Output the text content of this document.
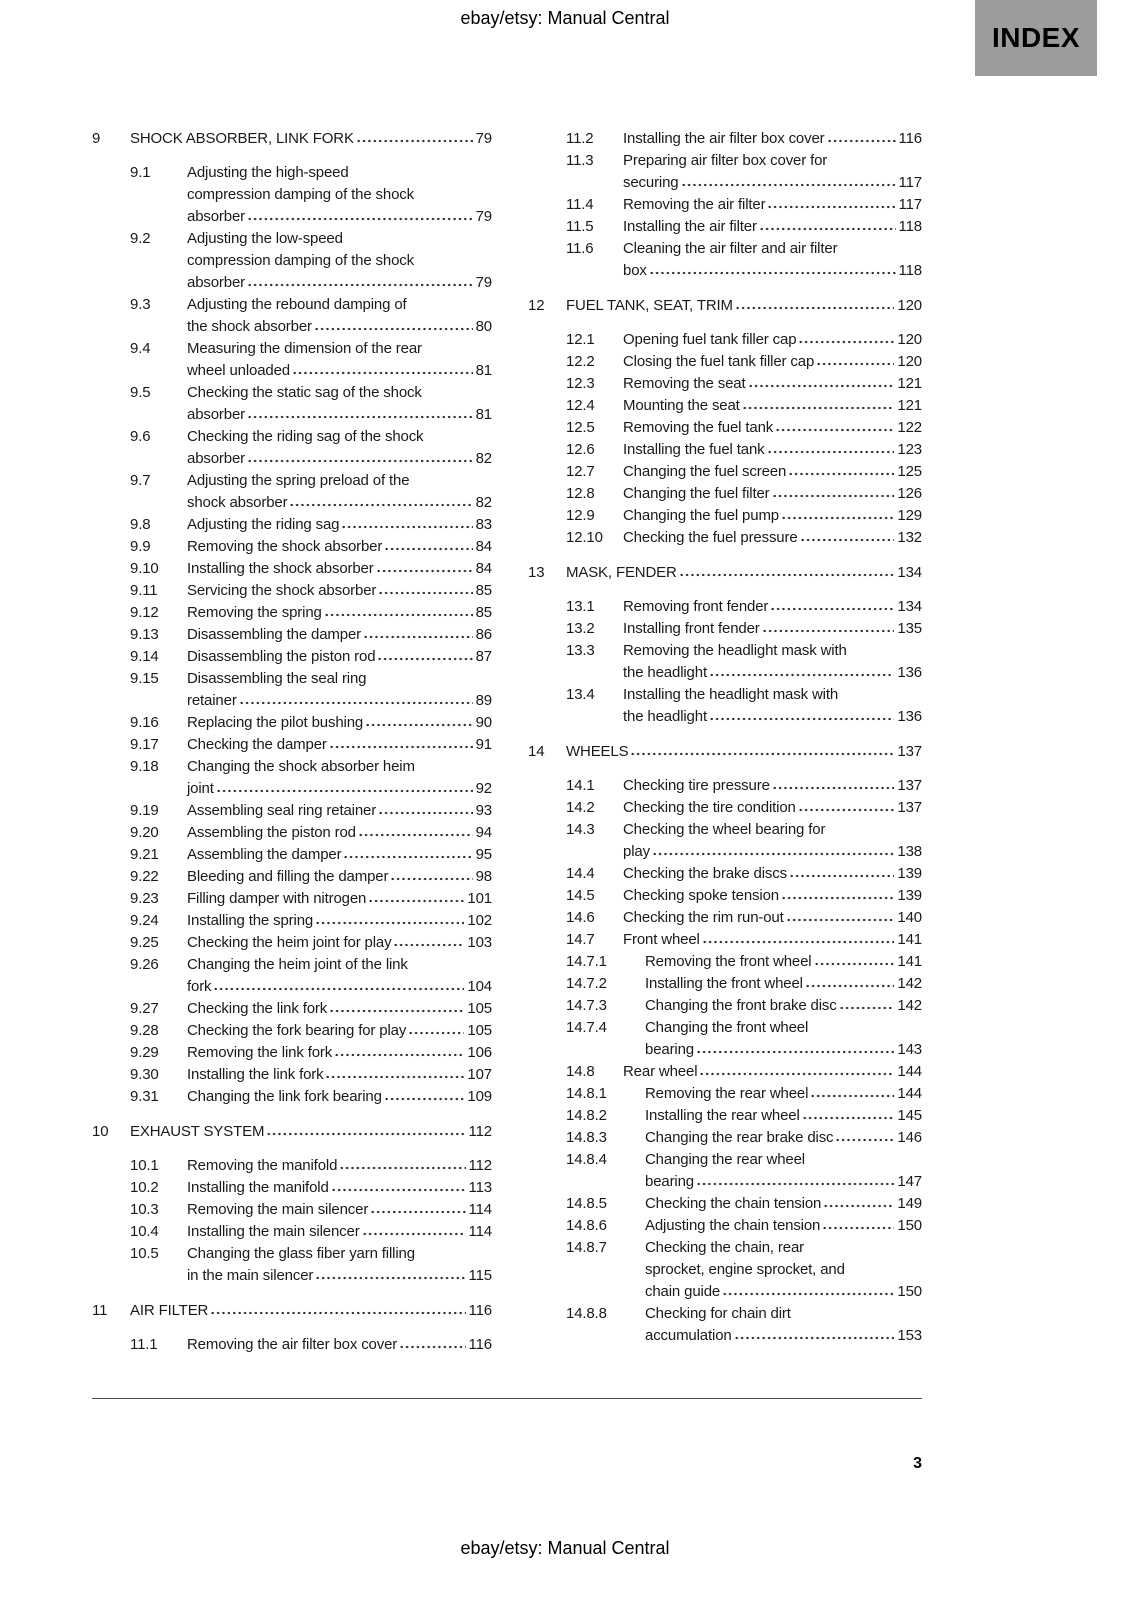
ebay/etsy: Manual Central
INDEX
9	SHOCK ABSORBER, LINK FORK	79
9.1	Adjusting the high-speed
compression damping of the shock
absorber	79
9.2	Adjusting the low-speed
compression damping of the shock
absorber	79
9.3	Adjusting the rebound damping of
the shock absorber	80
9.4	Measuring the dimension of the rear
wheel unloaded	81
9.5	Checking the static sag of the shock
absorber	81
9.6	Checking the riding sag of the shock
absorber	82
9.7	Adjusting the spring preload of the
shock absorber	82
9.8	Adjusting the riding sag	83
9.9	Removing the shock absorber	84
9.10	Installing the shock absorber	84
9.11	Servicing the shock absorber	85
9.12	Removing the spring	85
9.13	Disassembling the damper	86
9.14	Disassembling the piston rod	87
9.15	Disassembling the seal ring
retainer	89
9.16	Replacing the pilot bushing	90
9.17	Checking the damper	91
9.18	Changing the shock absorber heim
joint	92
9.19	Assembling seal ring retainer	93
9.20	Assembling the piston rod	94
9.21	Assembling the damper	95
9.22	Bleeding and filling the damper	98
9.23	Filling damper with nitrogen	101
9.24	Installing the spring	102
9.25	Checking the heim joint for play	103
9.26	Changing the heim joint of the link
fork	104
9.27	Checking the link fork	105
9.28	Checking the fork bearing for play	105
9.29	Removing the link fork	106
9.30	Installing the link fork	107
9.31	Changing the link fork bearing	109
10	EXHAUST SYSTEM	112
10.1	Removing the manifold	112
10.2	Installing the manifold	113
10.3	Removing the main silencer	114
10.4	Installing the main silencer	114
10.5	Changing the glass fiber yarn filling
in the main silencer	115
11	AIR FILTER	116
11.1	Removing the air filter box cover	116
11.2	Installing the air filter box cover	116
11.3	Preparing air filter box cover for
securing	117
11.4	Removing the air filter	117
11.5	Installing the air filter	118
11.6	Cleaning the air filter and air filter
box	118
12	FUEL TANK, SEAT, TRIM	120
12.1	Opening fuel tank filler cap	120
12.2	Closing the fuel tank filler cap	120
12.3	Removing the seat	121
12.4	Mounting the seat	121
12.5	Removing the fuel tank	122
12.6	Installing the fuel tank	123
12.7	Changing the fuel screen	125
12.8	Changing the fuel filter	126
12.9	Changing the fuel pump	129
12.10	Checking the fuel pressure	132
13	MASK, FENDER	134
13.1	Removing front fender	134
13.2	Installing front fender	135
13.3	Removing the headlight mask with
the headlight	136
13.4	Installing the headlight mask with
the headlight	136
14	WHEELS	137
14.1	Checking tire pressure	137
14.2	Checking the tire condition	137
14.3	Checking the wheel bearing for
play	138
14.4	Checking the brake discs	139
14.5	Checking spoke tension	139
14.6	Checking the rim run-out	140
14.7	Front wheel	141
14.7.1	Removing the front wheel	141
14.7.2	Installing the front wheel	142
14.7.3	Changing the front brake disc	142
14.7.4	Changing the front wheel
bearing	143
14.8	Rear wheel	144
14.8.1	Removing the rear wheel	144
14.8.2	Installing the rear wheel	145
14.8.3	Changing the rear brake disc	146
14.8.4	Changing the rear wheel
bearing	147
14.8.5	Checking the chain tension	149
14.8.6	Adjusting the chain tension	150
14.8.7	Checking the chain, rear
sprocket, engine sprocket, and
chain guide	150
14.8.8	Checking for chain dirt
accumulation	153
3
ebay/etsy: Manual Central
